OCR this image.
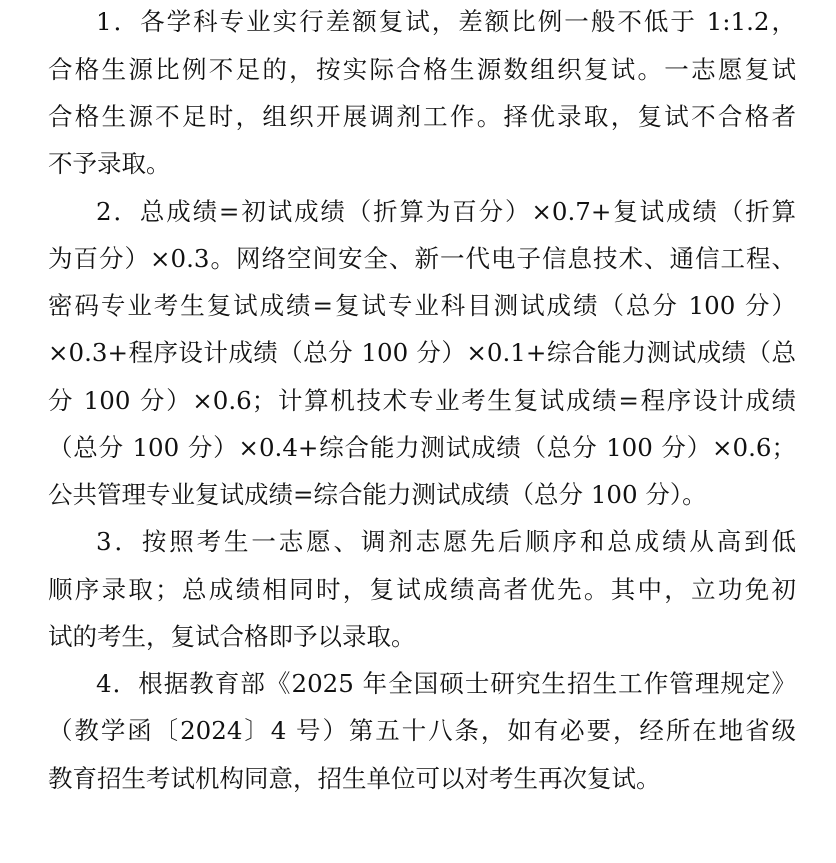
1．各学科专业实行差额复试，差额比例一般不低于 1:1.2，
合格生源比例不足的，按实际合格生源数组织复试。一志愿复试
合格生源不足时，组织开展调剂工作。择优录取，复试不合格者
不予录取。
2．总成绩=初试成绩（折算为百分）×0.7+复试成绩（折算
为百分）×0.3。网络空间安全、新一代电子信息技术、通信工程、
密码专业考生复试成绩=复试专业科目测试成绩（总分 100 分）
×0.3+程序设计成绩（总分 100 分）×0.1+综合能力测试成绩（总
分 100 分）×0.6；计算机技术专业考生复试成绩=程序设计成绩
（总分 100 分）×0.4+综合能力测试成绩（总分 100 分）×0.6；
公共管理专业复试成绩=综合能力测试成绩（总分 100 分）。
3．按照考生一志愿、调剂志愿先后顺序和总成绩从高到低
顺序录取；总成绩相同时，复试成绩高者优先。其中，立功免初
试的考生，复试合格即予以录取。
4．根据教育部《2025 年全国硕士研究生招生工作管理规定》
（教学函〔2024〕4 号）第五十八条，如有必要，经所在地省级
教育招生考试机构同意，招生单位可以对考生再次复试。
